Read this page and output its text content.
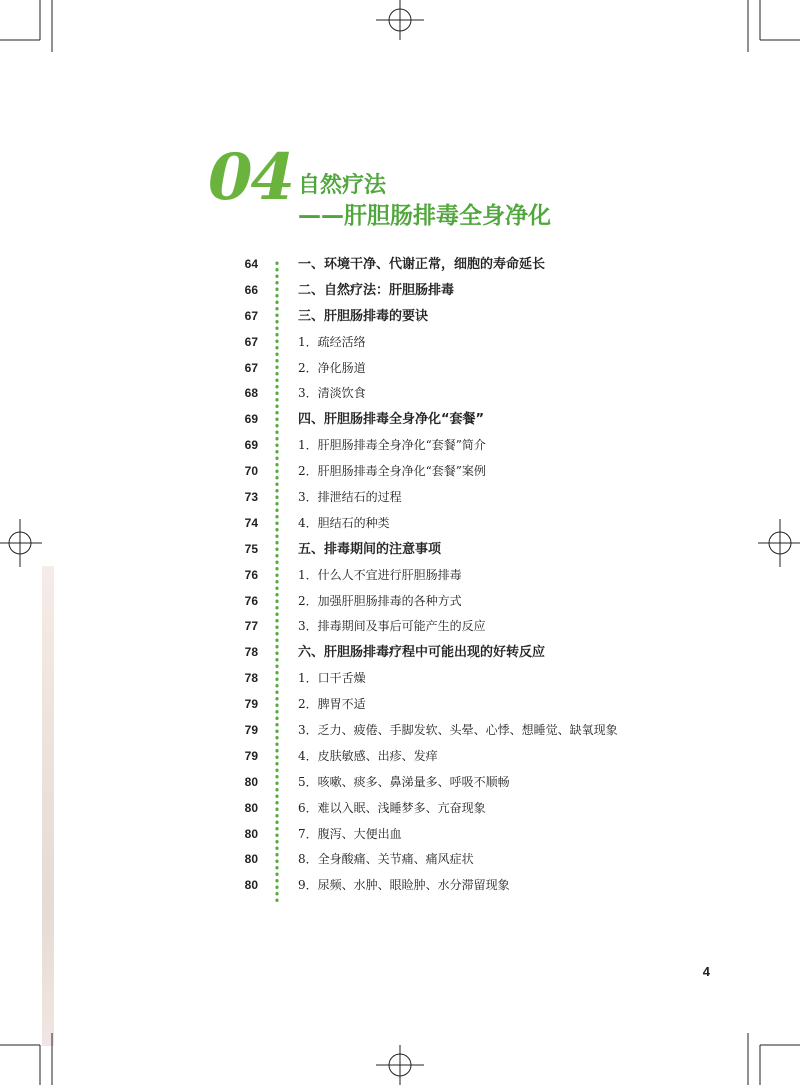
04 自然疗法
——肝胆肠排毒全身净化
64	一、环境干净、代谢正常，细胞的寿命延长
66	二、自然疗法：肝胆肠排毒
67	三、肝胆肠排毒的要诀
67	1．疏经活络
67	2．净化肠道
68	3．清淡饮食
69	四、肝胆肠排毒全身净化“套餐”
69	1．肝胆肠排毒全身净化“套餐”简介
70	2．肝胆肠排毒全身净化“套餐”案例
73	3．排泄结石的过程
74	4．胆结石的种类
75	五、排毒期间的注意事项
76	1．什么人不宜进行肝胆肠排毒
76	2．加强肝胆肠排毒的各种方式
77	3．排毒期间及事后可能产生的反应
78	六、肝胆肠排毒疗程中可能出现的好转反应
78	1．口干舌燥
79	2．脾胃不适
79	3．乏力、疲倦、手脚发软、头晕、心悸、想睡觉、缺氧现象
79	4．皮肤敏感、出疹、发痒
80	5．咳嗽、痰多、鼻涕量多、呼吸不顺畅
80	6．难以入眠、浅睡梦多、亢奋现象
80	7．腹泻、大便出血
80	8．全身酸痛、关节痛、痛风症状
80	9．尿频、水肿、眼睑肿、水分滞留现象
4
